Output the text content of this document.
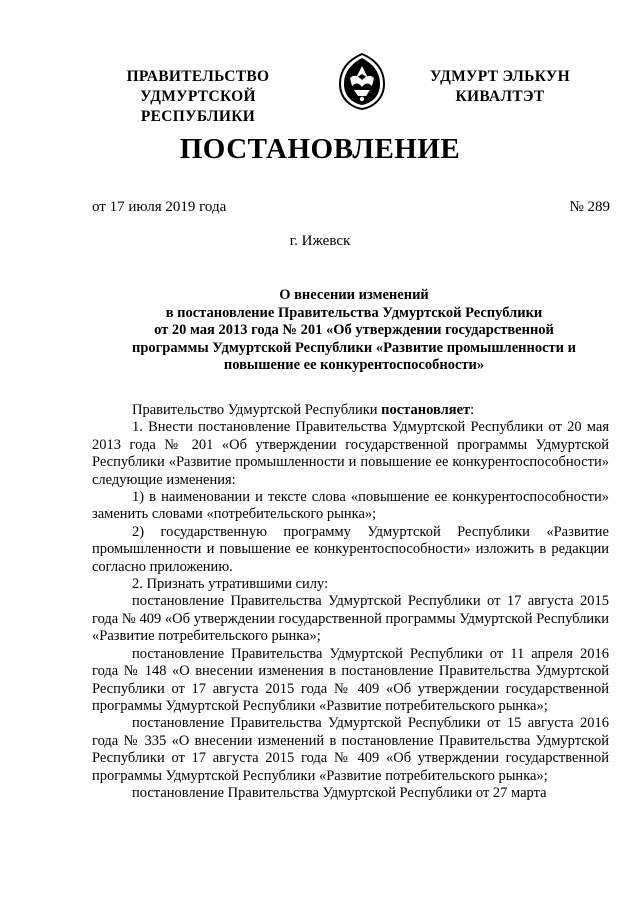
ПРАВИТЕЛЬСТВО
УДМУРТСКОЙ РЕСПУБЛИКИ
УДМУРТ ЭЛЬКУН
КИВАЛТЭТ
ПОСТАНОВЛЕНИЕ
от 17 июля 2019 года	№ 289
г. Ижевск
О внесении изменений
в постановление Правительства Удмуртской Республики
от 20 мая 2013 года № 201 «Об утверждении государственной
программы Удмуртской Республики «Развитие промышленности и
повышение ее конкурентоспособности»

Правительство Удмуртской Республики постановляет:

1. Внести постановление Правительства Удмуртской Республики от 20 мая 2013 года № 201 «Об утверждении государственной программы Удмуртской Республики «Развитие промышленности и повышение ее конкурентоспособности» следующие изменения:

1) в наименовании и тексте слова «повышение ее конкурентоспособности» заменить словами «потребительского рынка»;

2) государственную программу Удмуртской Республики «Развитие промышленности и повышение ее конкурентоспособности» изложить в редакции согласно приложению.

2. Признать утратившими силу:

постановление Правительства Удмуртской Республики от 17 августа 2015 года № 409 «Об утверждении государственной программы Удмуртской Республики «Развитие потребительского рынка»;

постановление Правительства Удмуртской Республики от 11 апреля 2016 года № 148 «О внесении изменения в постановление Правительства Удмуртской Республики от 17 августа 2015 года № 409 «Об утверждении государственной программы Удмуртской Республики «Развитие потребительского рынка»;

постановление Правительства Удмуртской Республики от 15 августа 2016 года № 335 «О внесении изменений в постановление Правительства Удмуртской Республики от 17 августа 2015 года № 409 «Об утверждении государственной программы Удмуртской Республики «Развитие потребительского рынка»;

постановление Правительства Удмуртской Республики от 27 марта
